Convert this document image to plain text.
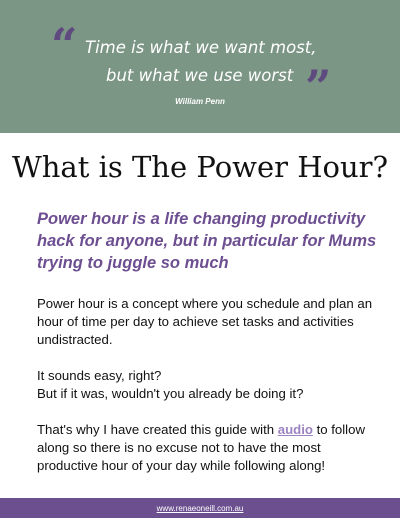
“ Time is what we want most,
but what we use worst ”
William Penn
What is The Power Hour?

Power hour is a life changing productivity hack for anyone, but in particular for Mums trying to juggle so much

Power hour is a concept where you schedule and plan an hour of time per day to achieve set tasks and activities undistracted.

It sounds easy, right?
But if it was, wouldn't you already be doing it?

That's why I have created this guide with audio to follow along so there is no excuse not to have the most productive hour of your day while following along!

www.renaeoneill.com.au
